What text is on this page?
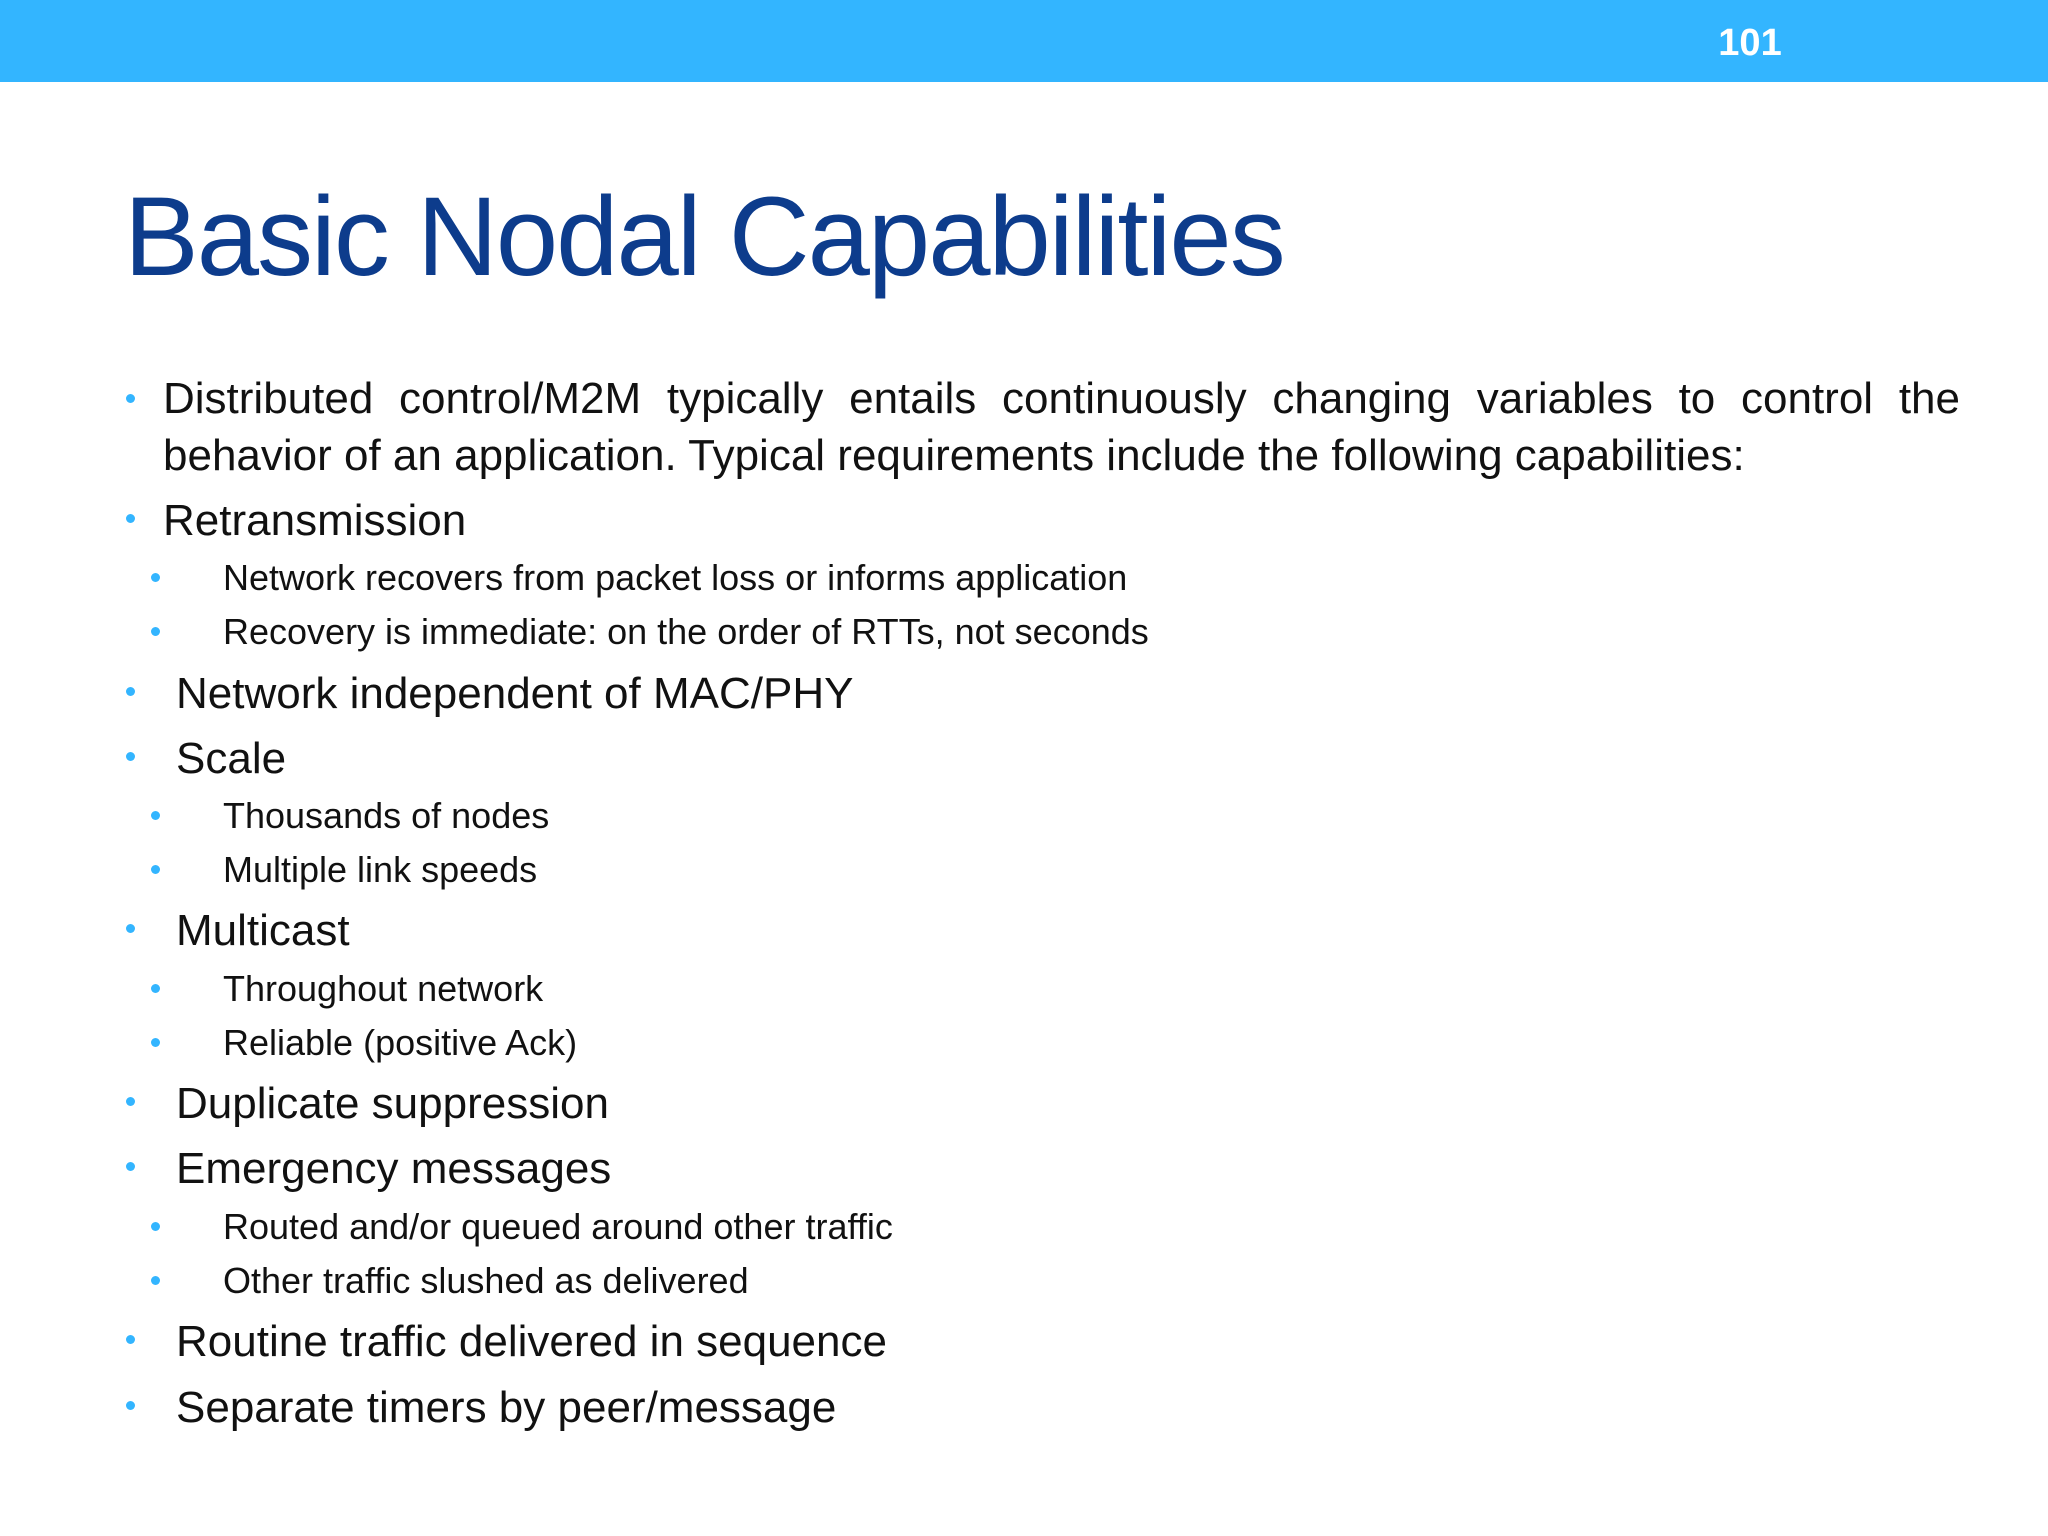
101
Basic Nodal Capabilities
Distributed control/M2M typically entails continuously changing variables to control the behavior of an application. Typical requirements include the following capabilities:
Retransmission
Network recovers from packet loss or informs application
Recovery is immediate: on the order of RTTs, not seconds
Network independent of MAC/PHY
Scale
Thousands of nodes
Multiple link speeds
Multicast
Throughout network
Reliable (positive Ack)
Duplicate suppression
Emergency messages
Routed and/or queued around other traffic
Other traffic slushed as delivered
Routine traffic delivered in sequence
Separate timers by peer/message
